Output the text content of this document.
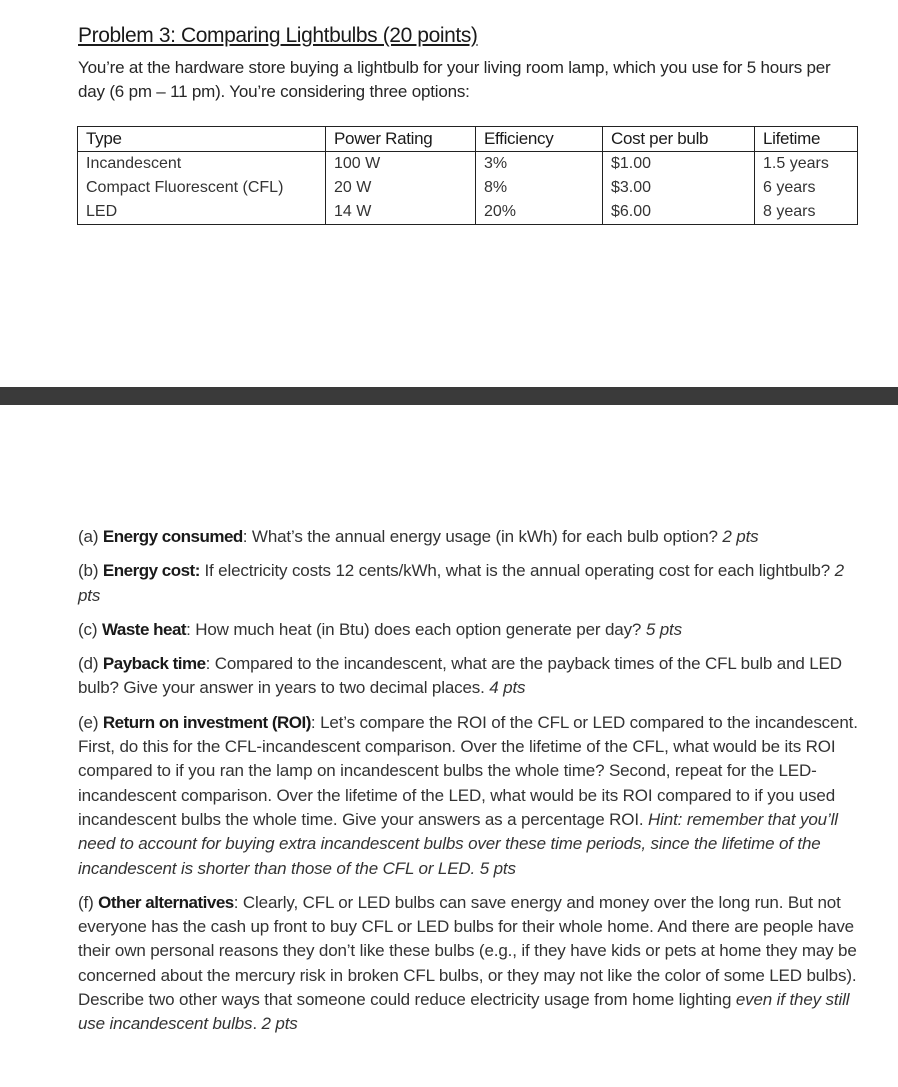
Problem 3: Comparing Lightbulbs (20 points)

You’re at the hardware store buying a lightbulb for your living room lamp, which you use for 5 hours per day (6 pm – 11 pm). You’re considering three options:

Type	Power Rating	Efficiency	Cost per bulb	Lifetime
Incandescent	100 W	3%	$1.00	1.5 years
Compact Fluorescent (CFL)	20 W	8%	$3.00	6 years
LED	14 W	20%	$6.00	8 years

(a) Energy consumed: What’s the annual energy usage (in kWh) for each bulb option? 2 pts

(b) Energy cost: If electricity costs 12 cents/kWh, what is the annual operating cost for each lightbulb? 2 pts

(c) Waste heat: How much heat (in Btu) does each option generate per day? 5 pts

(d) Payback time: Compared to the incandescent, what are the payback times of the CFL bulb and LED bulb? Give your answer in years to two decimal places. 4 pts

(e) Return on investment (ROI): Let’s compare the ROI of the CFL or LED compared to the incandescent. First, do this for the CFL-incandescent comparison. Over the lifetime of the CFL, what would be its ROI compared to if you ran the lamp on incandescent bulbs the whole time? Second, repeat for the LED-incandescent comparison. Over the lifetime of the LED, what would be its ROI compared to if you used incandescent bulbs the whole time. Give your answers as a percentage ROI. Hint: remember that you’ll need to account for buying extra incandescent bulbs over these time periods, since the lifetime of the incandescent is shorter than those of the CFL or LED. 5 pts

(f) Other alternatives: Clearly, CFL or LED bulbs can save energy and money over the long run. But not everyone has the cash up front to buy CFL or LED bulbs for their whole home. And there are people have their own personal reasons they don’t like these bulbs (e.g., if they have kids or pets at home they may be concerned about the mercury risk in broken CFL bulbs, or they may not like the color of some LED bulbs). Describe two other ways that someone could reduce electricity usage from home lighting even if they still use incandescent bulbs. 2 pts
